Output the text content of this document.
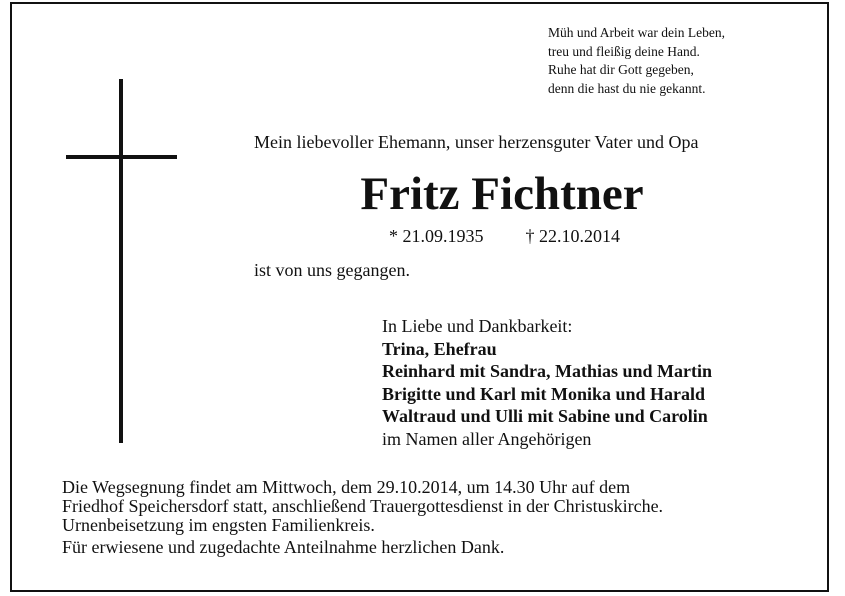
Müh und Arbeit war dein Leben,
treu und fleißig deine Hand.
Ruhe hat dir Gott gegeben,
denn die hast du nie gekannt.
Mein liebevoller Ehemann, unser herzensguter Vater und Opa
Fritz Fichtner
* 21.09.1935 † 22.10.2014
ist von uns gegangen.
In Liebe und Dankbarkeit:
Trina, Ehefrau
Reinhard mit Sandra, Mathias und Martin
Brigitte und Karl mit Monika und Harald
Waltraud und Ulli mit Sabine und Carolin
im Namen aller Angehörigen
Die Wegsegnung findet am Mittwoch, dem 29.10.2014, um 14.30 Uhr auf dem
Friedhof Speichersdorf statt, anschließend Trauergottesdienst in der Christuskirche.
Urnenbeisetzung im engsten Familienkreis.
Für erwiesene und zugedachte Anteilnahme herzlichen Dank.
